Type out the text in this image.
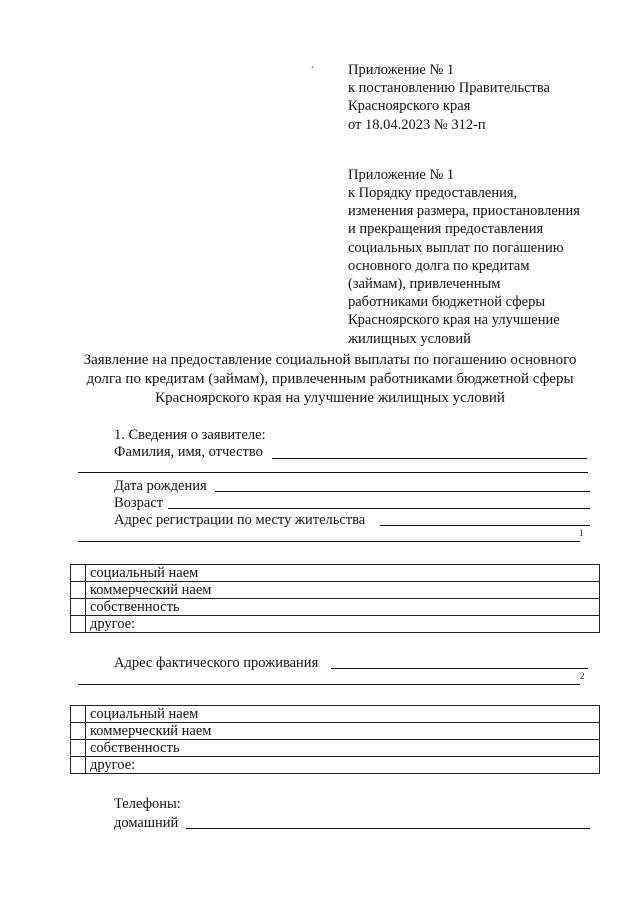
, Приложение № 1
к постановлению Правительства
Красноярского края
от 18.04.2023 № 312-п
Приложение № 1
к Порядку предоставления,
изменения размера, приостановления
и прекращения предоставления
социальных выплат по погашению
основного долга по кредитам
(займам), привлеченным
работниками бюджетной сферы
Красноярского края на улучшение
жилищных условий
Заявление на предоставление социальной выплаты по погашению основного
долга по кредитам (займам), привлеченным работниками бюджетной сферы
Красноярского края на улучшение жилищных условий
1. Сведения о заявителе:
Фамилия, имя, отчество
Дата рождения
Возраст
Адрес регистрации по месту жительства
1
	социальный наем
	коммерческий наем
	собственность
	другое:
Адрес фактического проживания
2
	социальный наем
	коммерческий наем
	собственность
	другое:
Телефоны:
домашний
